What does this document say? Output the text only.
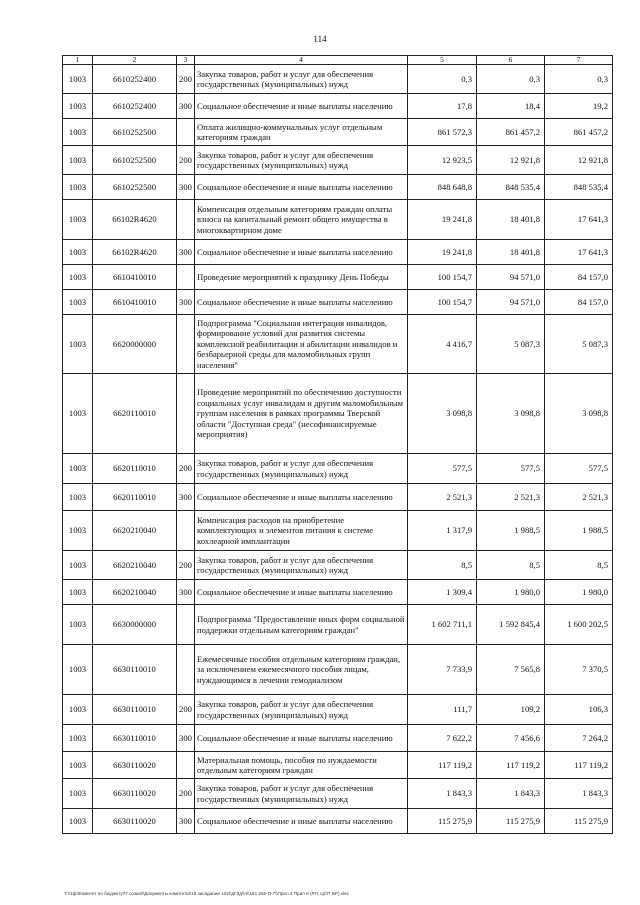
114
1	2	3	4	5	6	7
1003	6610252400	200	Закупка товаров, работ и услуг для обеспечения государственных (муниципальных) нужд	0,3	0,3	0,3
1003	6610252400	300	Социальное обеспечение и иные выплаты населению	17,8	18,4	19,2
1003	6610252500		Оплата жилищно-коммунальных услуг отдельным категориям граждан	861 572,3	861 457,2	861 457,2
1003	6610252500	200	Закупка товаров, работ и услуг для обеспечения государственных (муниципальных) нужд	12 923,5	12 921,8	12 921,8
1003	6610252500	300	Социальное обеспечение и иные выплаты населению	848 648,8	848 535,4	848 535,4
1003	66102R4620		Компенсация отдельным категориям граждан оплаты взноса на капитальный ремонт общего имущества в многоквартирном доме	19 241,8	18 401,8	17 641,3
1003	66102R4620	300	Социальное обеспечение и иные выплаты населению	19 241,8	18 401,8	17 641,3
1003	6610410010		Проведение мероприятий к празднику День Победы	100 154,7	94 571,0	84 157,0
1003	6610410010	300	Социальное обеспечение и иные выплаты населению	100 154,7	94 571,0	84 157,0
1003	6620000000		Подпрограмма "Социальная интеграция инвалидов, формирование условий для развития системы комплексной реабилитации и абилитации инвалидов и безбарьерной среды для маломобильных групп населения"	4 416,7	5 087,3	5 087,3
1003	6620110010		Проведение мероприятий по обеспечению доступности социальных услуг инвалидам и другим маломобильным группам населения в рамках программы Тверской области "Доступная среда" (несофинансируемые мероприятия)	3 098,8	3 098,8	3 098,8
1003	6620110010	200	Закупка товаров, работ и услуг для обеспечения государственных (муниципальных) нужд	577,5	577,5	577,5
1003	6620110010	300	Социальное обеспечение и иные выплаты населению	2 521,3	2 521,3	2 521,3
1003	6620210040		Компенсация расходов на приобретение комплектующих и элементов питания к системе кохлеарной имплантации	1 317,9	1 988,5	1 988,5
1003	6620210040	200	Закупка товаров, работ и услуг для обеспечения государственных (муниципальных) нужд	8,5	8,5	8,5
1003	6620210040	300	Социальное обеспечение и иные выплаты населению	1 309,4	1 980,0	1 980,0
1003	6630000000		Подпрограмма "Предоставление иных форм социальной поддержки отдельным категориям граждан"	1 602 711,1	1 592 845,4	1 600 202,5
1003	6630110010		Ежемесячные пособия отдельным категориям граждан, за исключением ежемесячного пособия лицам, нуждающимся в лечении гемодиализом	7 733,9	7 565,8	7 370,5
1003	6630110010	200	Закупка товаров, работ и услуг для обеспечения государственных (муниципальных) нужд	111,7	109,2	106,3
1003	6630110010	300	Социальное обеспечение и иные выплаты населению	7 622,2	7 456,6	7 264,2
1003	6630110020		Материальная помощь, пособия по нуждаемости отдельным категориям граждан	117 119,2	117 119,2	117 119,2
1003	6630110020	200	Закупка товаров, работ и услуг для обеспечения государственных (муниципальных) нужд	1 843,3	1 843,3	1 843,3
1003	6630110020	300	Социальное обеспечение и иные выплаты населению	115 275,9	115 275,9	115 275,9
T:\\1ф\\Комитет по бюджету\\7 созыв\\Документы комитета\\18 заседание 102\\дГЗд\\ч\\161 265-П-7\\Прил 4 Прил 8 (РП, ЦСР, ВР).xlsx
